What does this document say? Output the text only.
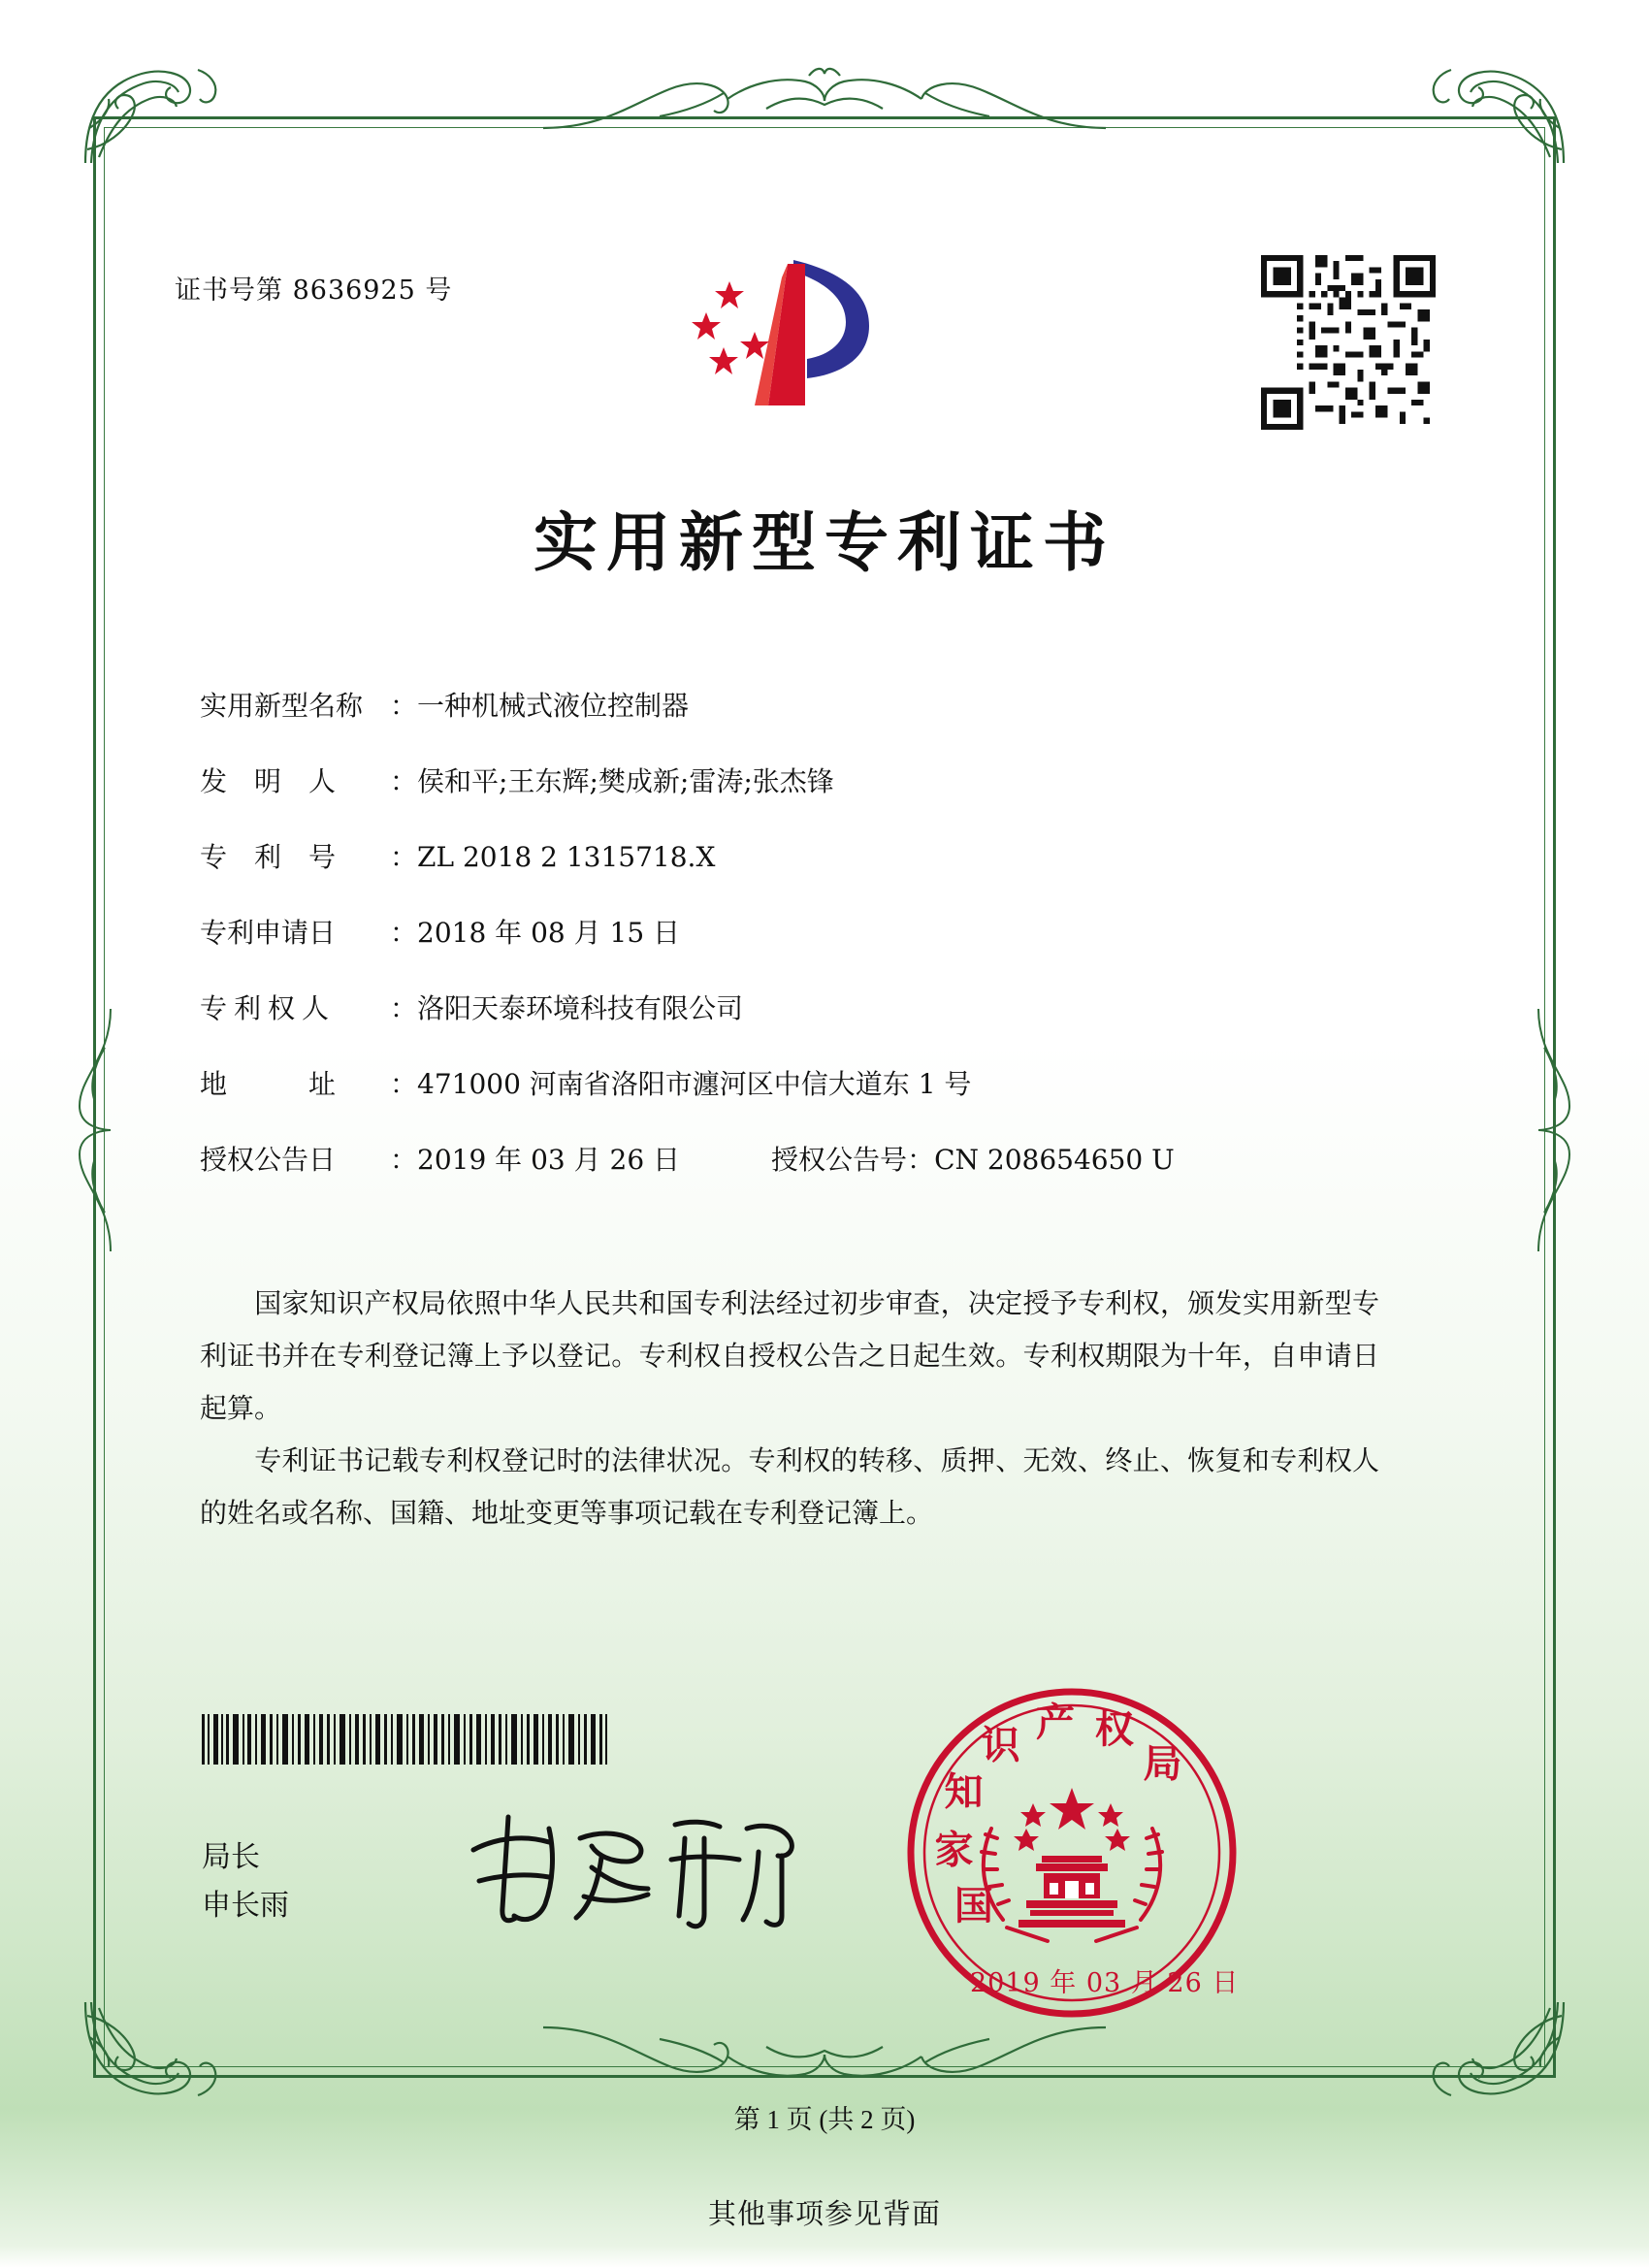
证书号第 8636925 号
实用新型专利证书
实用新型名称 ：一种机械式液位控制器
发　明　人 ：侯和平;王东辉;樊成新;雷涛;张杰锋
专　利　号 ：ZL 2018 2 1315718.X
专利申请日 ：2018 年 08 月 15 日
专 利 权 人 ：洛阳天泰环境科技有限公司
地　　　址 ：471000 河南省洛阳市瀍河区中信大道东 1 号
授权公告日 ：2019 年 03 月 26 日	授权公告号：CN 208654650 U
国家知识产权局依照中华人民共和国专利法经过初步审查，决定授予专利权，颁发实用新型专利证书并在专利登记簿上予以登记。专利权自授权公告之日起生效。专利权期限为十年，自申请日起算。
专利证书记载专利权登记时的法律状况。专利权的转移、质押、无效、终止、恢复和专利权人的姓名或名称、国籍、地址变更等事项记载在专利登记簿上。
局长
申长雨	国
家
知
识 产 权
局
2019 年 03 月 26 日
第 1 页 (共 2 页)
其他事项参见背面
